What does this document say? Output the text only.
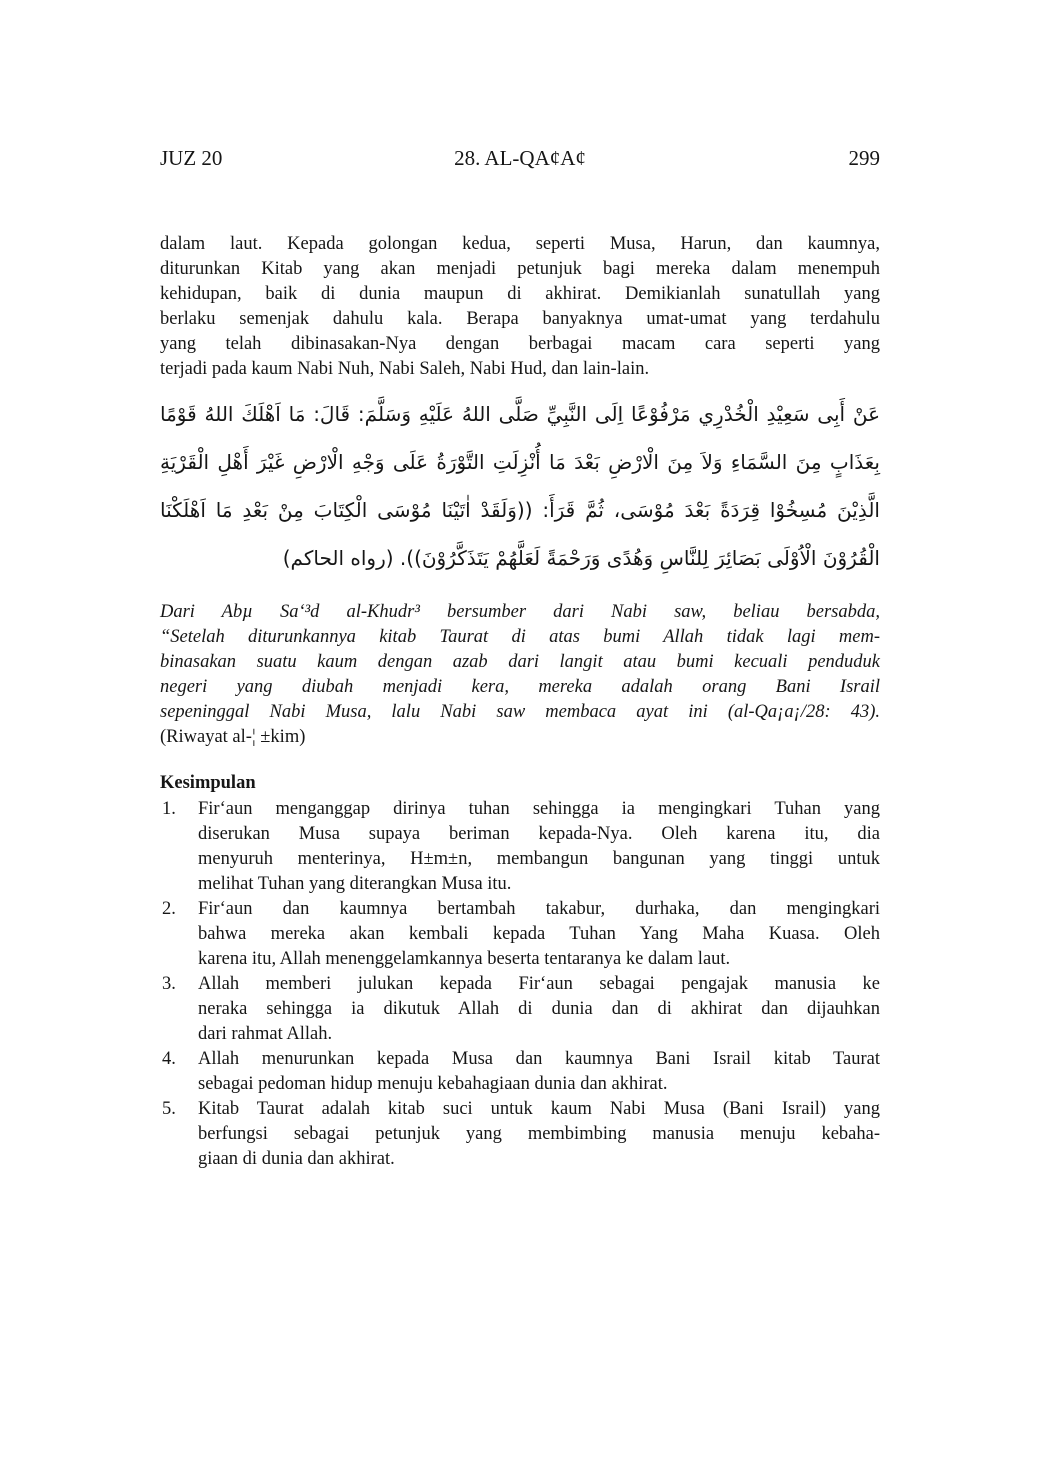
JUZ 20	28. AL-QA¢A¢	299
dalam laut. Kepada golongan kedua, seperti Musa, Harun, dan kaumnya,
diturunkan Kitab yang akan menjadi petunjuk bagi mereka dalam menempuh
kehidupan, baik di dunia maupun di akhirat. Demikianlah sunatullah yang
berlaku semenjak dahulu kala. Berapa banyaknya umat-umat yang terdahulu
yang telah dibinasakan-Nya dengan berbagai macam cara seperti yang
terjadi pada kaum Nabi Nuh, Nabi Saleh, Nabi Hud, dan lain-lain.
عَنْ أَبِى سَعِيْدِ الْخُدْرِي مَرْفُوْعًا اِلَى النَّبِيِّ صَلَّى اللهُ عَلَيْهِ وَسَلَّمَ: قَالَ: مَا اَهْلَكَ اللهُ قَوْمًا
بِعَذَابٍ مِنَ السَّمَاءِ وَلاَ مِنَ الْارْضِ بَعْدَ مَا أُنْزِلَتِ التَّوْرَةُ عَلَى وَجْهِ الْارْضِ غَيْرَ أَهْلِ الْقَرْيَةِ
الَّذِيْنَ مُسِخُوْا قِرَدَةً بَعْدَ مُوْسَى، ثُمَّ قَرَأَ: ((وَلَقَدْ اٰتَيْنَا مُوْسَى الْكِتَابَ مِنْ بَعْدِ مَا اَهْلَكْنَا
الْقُرُوْنَ الْاُوْلَى بَصَائِرَ لِلنَّاسِ وَهُدًى وَرَحْمَةً لَعَلَّهُمْ يَتَذَكَّرُوْنَ)). (رواه الحاكم)
Dari Abµ Sa‘³d al-Khudr³ bersumber dari Nabi saw, beliau bersabda,
“Setelah diturunkannya kitab Taurat di atas bumi Allah tidak lagi mem-
binasakan suatu kaum dengan azab dari langit atau bumi kecuali penduduk
negeri yang diubah menjadi kera, mereka adalah orang Bani Israil
sepeninggal Nabi Musa, lalu Nabi saw membaca ayat ini (al-Qa¡a¡/28: 43).
(Riwayat al-¦ ±kim)
Kesimpulan
1. Fir‘aun menganggap dirinya tuhan sehingga ia mengingkari Tuhan yang
diserukan Musa supaya beriman kepada-Nya. Oleh karena itu, dia
menyuruh menterinya, H±m±n, membangun bangunan yang tinggi untuk
melihat Tuhan yang diterangkan Musa itu.
2. Fir‘aun dan kaumnya bertambah takabur, durhaka, dan mengingkari
bahwa mereka akan kembali kepada Tuhan Yang Maha Kuasa. Oleh
karena itu, Allah menenggelamkannya beserta tentaranya ke dalam laut.
3. Allah memberi julukan kepada Fir‘aun sebagai pengajak manusia ke
neraka sehingga ia dikutuk Allah di dunia dan di akhirat dan dijauhkan
dari rahmat Allah.
4. Allah menurunkan kepada Musa dan kaumnya Bani Israil kitab Taurat
sebagai pedoman hidup menuju kebahagiaan dunia dan akhirat.
5. Kitab Taurat adalah kitab suci untuk kaum Nabi Musa (Bani Israil) yang
berfungsi sebagai petunjuk yang membimbing manusia menuju kebaha-
giaan di dunia dan akhirat.
